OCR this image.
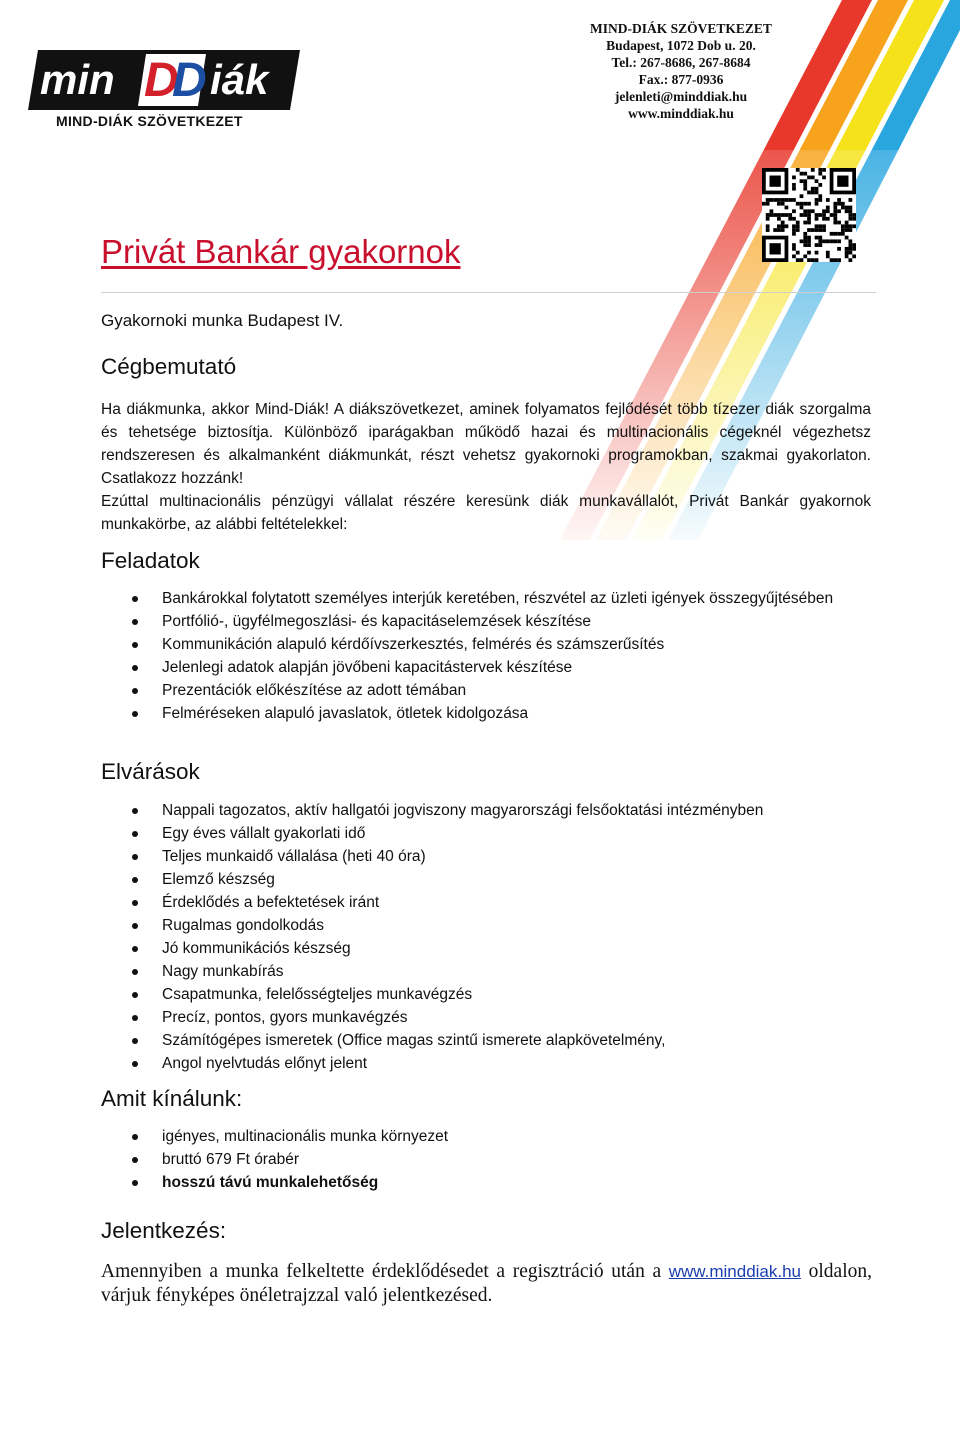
min D
D iák
MIND-DIÁK SZÖVETKEZET
MIND-DIÁK SZÖVETKEZET
Budapest, 1072 Dob u. 20.
Tel.: 267-8686, 267-8684
Fax.: 877-0936
jelenleti@minddiak.hu
www.minddiak.hu
Privát Bankár gyakornok
Gyakornoki munka Budapest IV.
Cégbemutató

Ha diákmunka, akkor Mind-Diák! A diákszövetkezet, aminek folyamatos fejlődését több tízezer diák szorgalma és tehetsége biztosítja. Különböző iparágakban működő hazai és multinacionális cégeknél végezhetsz rendszeresen és alkalmanként diákmunkát, részt vehetsz gyakornoki programokban, szakmai gyakorlaton. Csatlakozz hozzánk!

Ezúttal multinacionális pénzügyi vállalat részére keresünk diák munkavállalót, Privát Bankár gyakornok munkakörbe, az alábbi feltételekkel:

Feladatok
Bankárokkal folytatott személyes interjúk keretében, részvétel az üzleti igények összegyűjtésében
Portfólió-, ügyfélmegoszlási- és kapacitáselemzések készítése
Kommunikáción alapuló kérdőívszerkesztés, felmérés és számszerűsítés
Jelenlegi adatok alapján jövőbeni kapacitástervek készítése
Prezentációk előkészítése az adott témában
Felméréseken alapuló javaslatok, ötletek kidolgozása
Elvárások
Nappali tagozatos, aktív hallgatói jogviszony magyarországi felsőoktatási intézményben
Egy éves vállalt gyakorlati idő
Teljes munkaidő vállalása (heti 40 óra)
Elemző készség
Érdeklődés a befektetések iránt
Rugalmas gondolkodás
Jó kommunikációs készség
Nagy munkabírás
Csapatmunka, felelősségteljes munkavégzés
Precíz, pontos, gyors munkavégzés
Számítógépes ismeretek (Office magas szintű ismerete alapkövetelmény,
Angol nyelvtudás előnyt jelent
Amit kínálunk:
igényes, multinacionális munka környezet
bruttó 679 Ft órabér
hosszú távú munkalehetőség
Jelentkezés:

Amennyiben a munka felkeltette érdeklődésedet a regisztráció után a www.minddiak.hu oldalon, várjuk fényképes önéletrajzzal való jelentkezésed.
